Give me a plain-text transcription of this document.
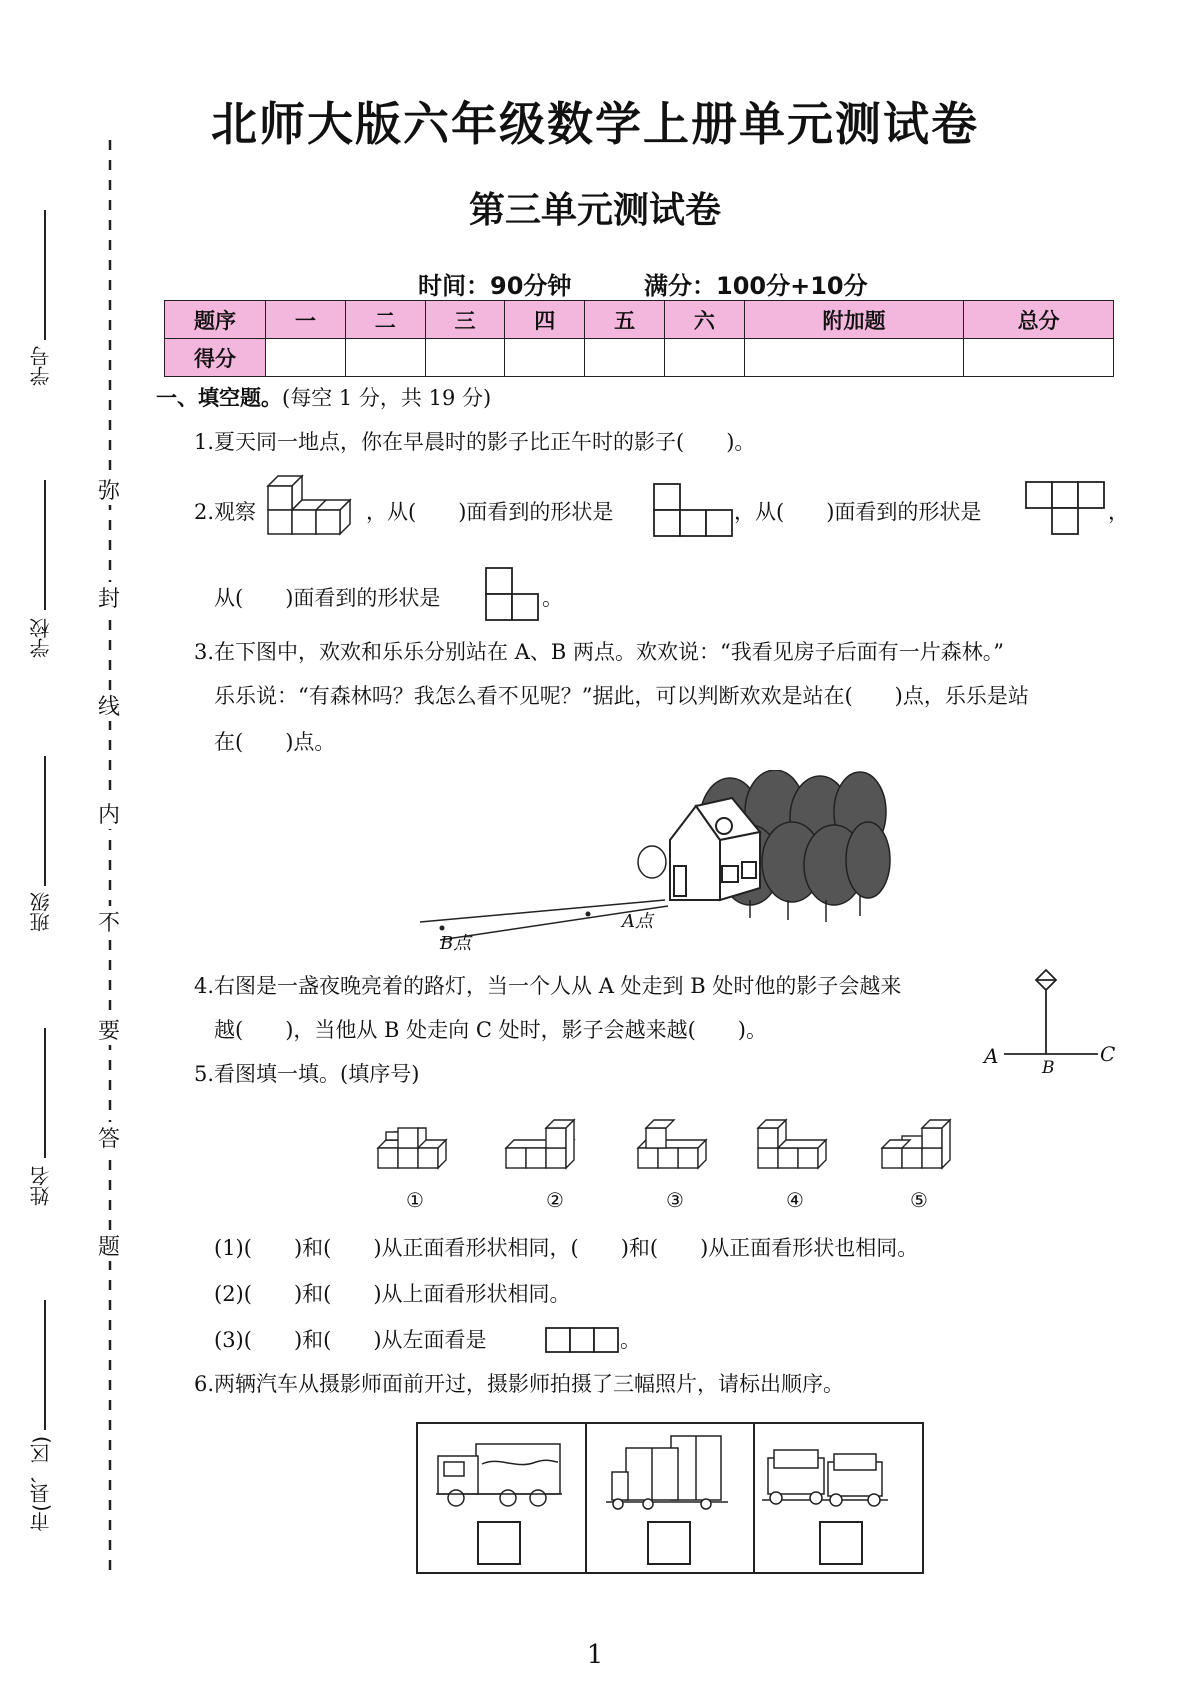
弥
封
线
内
不
要
答
题
学号
学校
班级
姓名
市(县、区)
北师大版六年级数学上册单元测试卷
第三单元测试卷
时间：90分钟	满分：100分+10分
题序	一	二	三	四	五	六	附加题	总分
得分								
一、填空题。(每空 1 分，共 19 分)
1.夏天同一地点，你在早晨时的影子比正午时的影子(　　)。
2.观察	，从(　　)面看到的形状是	，从(　　)面看到的形状是	，
从(　　)面看到的形状是	。
3.在下图中，欢欢和乐乐分别站在 A、B 两点。欢欢说：“我看见房子后面有一片森林。”
乐乐说：“有森林吗？我怎么看不见呢？”据此，可以判断欢欢是站在(　　)点，乐乐是站
在(　　)点。
A点
B点
4.右图是一盏夜晚亮着的路灯，当一个人从 A 处走到 B 处时他的影子会越来
越(　　)，当他从 B 处走向 C 处时，影子会越来越(　　)。
A	B
C
5.看图填一填。(填序号)
①	②	③	④	⑤
(1)(　　)和(　　)从正面看形状相同，(　　)和(　　)从正面看形状也相同。
(2)(　　)和(　　)从上面看形状相同。
(3)(　　)和(　　)从左面看是	。
6.两辆汽车从摄影师面前开过，摄影师拍摄了三幅照片，请标出顺序。
1
